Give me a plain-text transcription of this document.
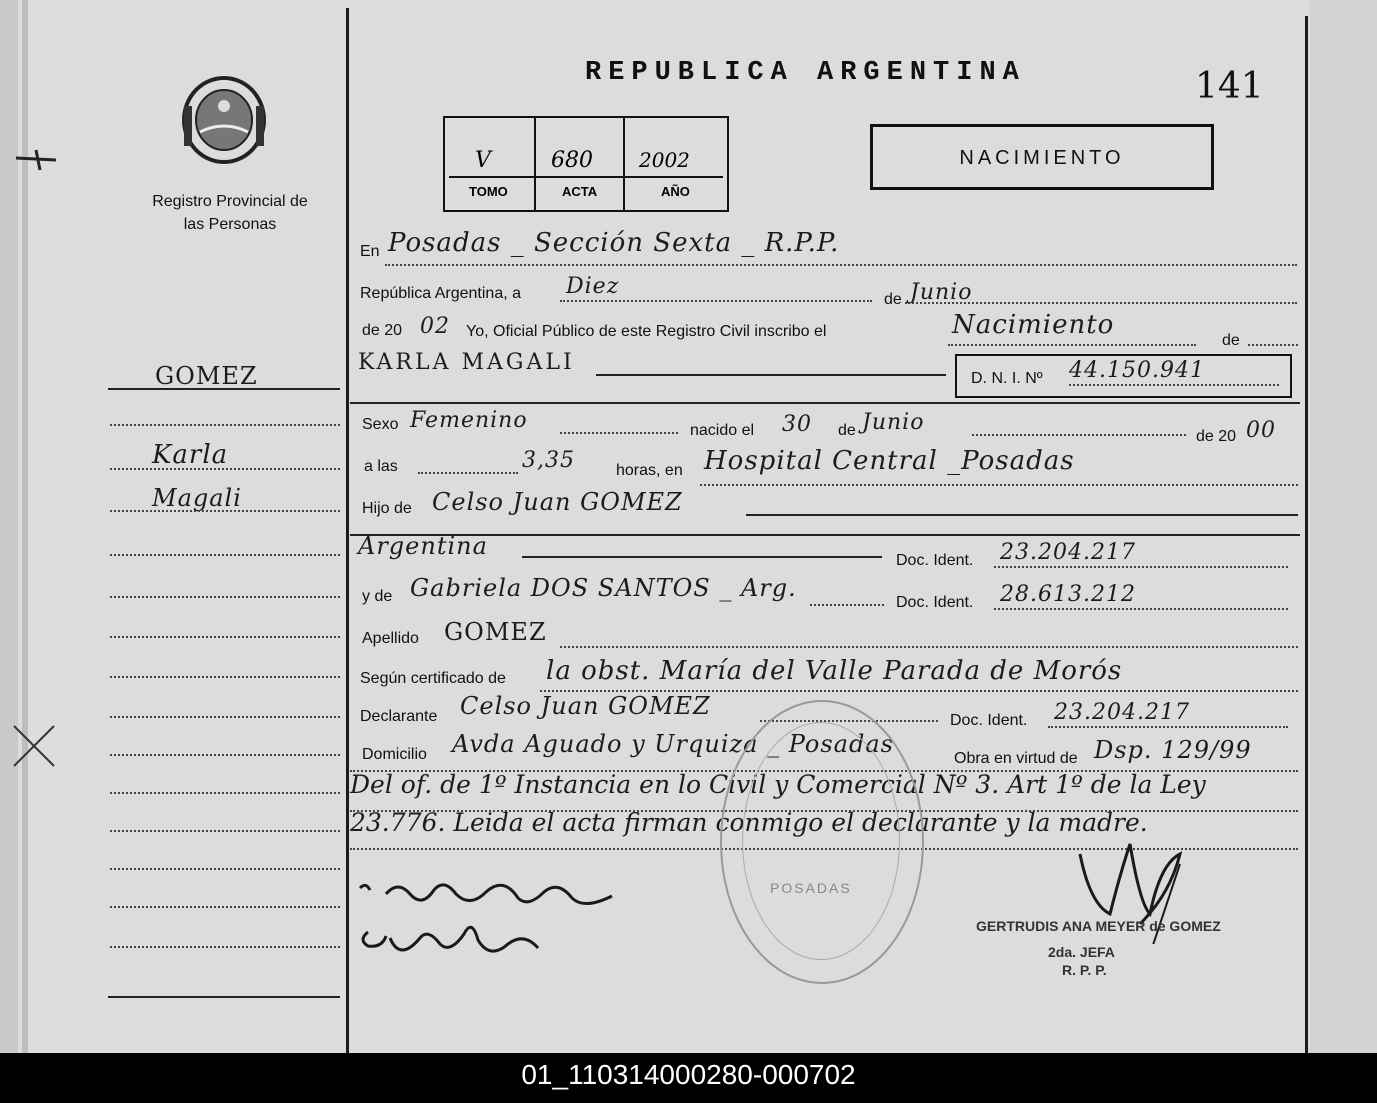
Registro Provincial de las Personas
REPUBLICA ARGENTINA	141
V	680 2002
TOMO	ACTA	AÑO
NACIMIENTO
GOMEZ
Karla
Magali
En Posadas _ Sección Sexta _ R.P.P.
República Argentina, a Diez
de Junio
de 20 02 Yo, Oficial Público de este Registro Civil inscribo el	Nacimiento
de
KARLA MAGALI
D. N. I. Nº 44.150.941
Sexo Femenino	nacido el 30 de Junio
de 20 00
a las	3,35	horas, en Hospital Central _Posadas
Hijo de Celso Juan GOMEZ
Argentina
Doc. Ident. 23.204.217
y de Gabriela DOS SANTOS _ Arg.
Doc. Ident. 28.613.212
Apellido GOMEZ
Según certificado de la obst. María del Valle Parada de Morós
Declarante Celso Juan GOMEZ
Doc. Ident. 23.204.217
Domicilio Avda Aguado y Urquiza _ Posadas
Obra en virtud de Dsp. 129/99
Del of. de 1º Instancia en lo Civil y Comercial Nº 3. Art 1º de la Ley
23.776. Leida el acta firman conmigo el declarante y la madre.
POSADAS
GERTRUDIS ANA MEYER de GOMEZ
2da. JEFA
R. P. P.
01_110314000280-000702
